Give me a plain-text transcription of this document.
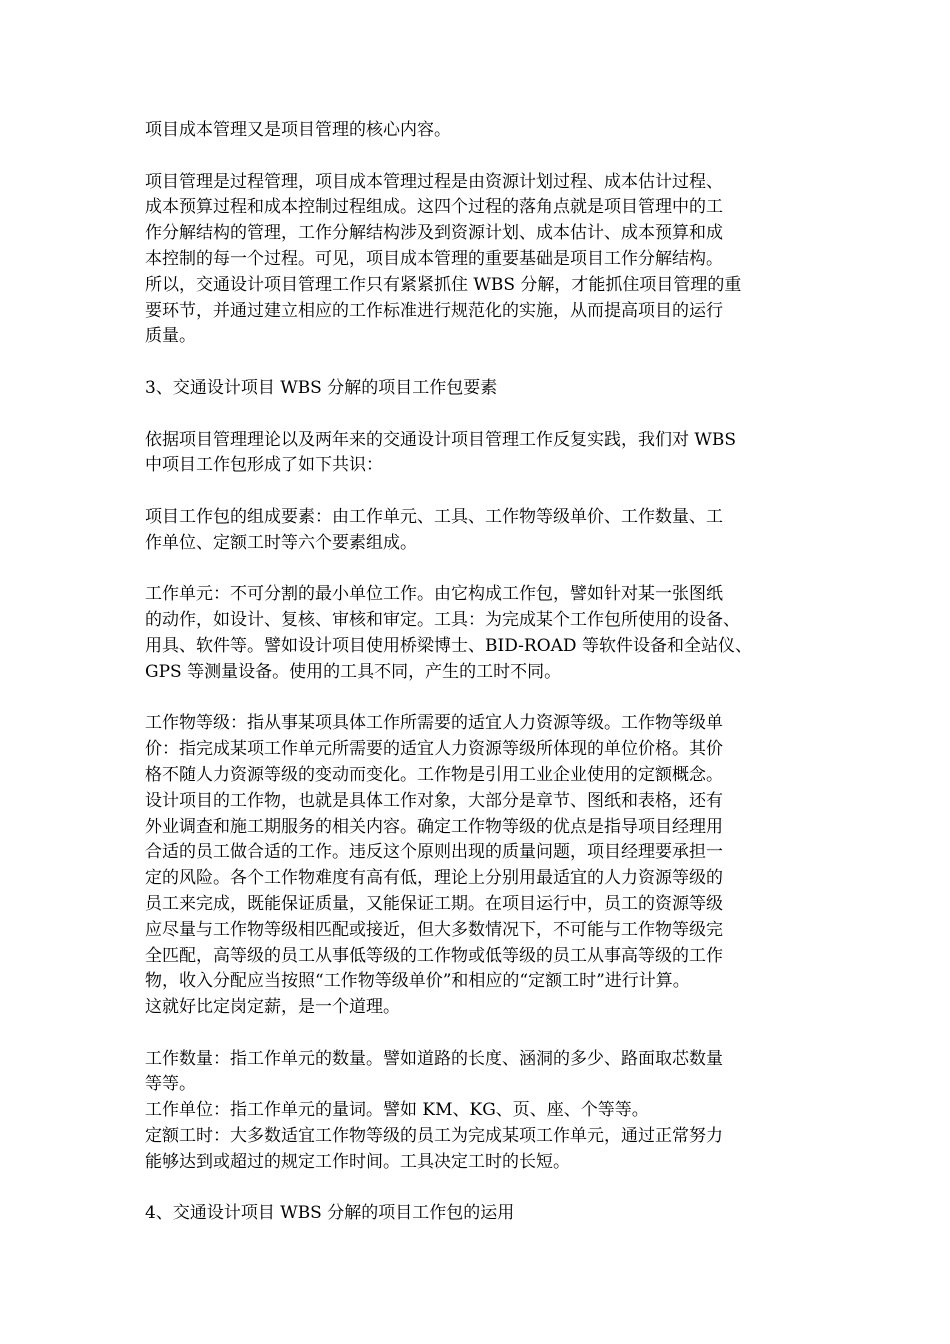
项目成本管理又是项目管理的核心内容。

项目管理是过程管理，项目成本管理过程是由资源计划过程、成本估计过程、
成本预算过程和成本控制过程组成。这四个过程的落角点就是项目管理中的工
作分解结构的管理，工作分解结构涉及到资源计划、成本估计、成本预算和成
本控制的每一个过程。可见，项目成本管理的重要基础是项目工作分解结构。
所以，交通设计项目管理工作只有紧紧抓住 WBS 分解，才能抓住项目管理的重
要环节，并通过建立相应的工作标准进行规范化的实施，从而提高项目的运行
质量。

3、交通设计项目 WBS 分解的项目工作包要素

依据项目管理理论以及两年来的交通设计项目管理工作反复实践，我们对 WBS
中项目工作包形成了如下共识：

项目工作包的组成要素：由工作单元、工具、工作物等级单价、工作数量、工
作单位、定额工时等六个要素组成。

工作单元：不可分割的最小单位工作。由它构成工作包，譬如针对某一张图纸
的动作，如设计、复核、审核和审定。工具：为完成某个工作包所使用的设备、
用具、软件等。譬如设计项目使用桥梁博士、BID-ROAD 等软件设备和全站仪、
GPS 等测量设备。使用的工具不同，产生的工时不同。

工作物等级：指从事某项具体工作所需要的适宜人力资源等级。工作物等级单
价：指完成某项工作单元所需要的适宜人力资源等级所体现的单位价格。其价
格不随人力资源等级的变动而变化。工作物是引用工业企业使用的定额概念。
设计项目的工作物，也就是具体工作对象，大部分是章节、图纸和表格，还有
外业调查和施工期服务的相关内容。确定工作物等级的优点是指导项目经理用
合适的员工做合适的工作。违反这个原则出现的质量问题，项目经理要承担一
定的风险。各个工作物难度有高有低，理论上分别用最适宜的人力资源等级的
员工来完成，既能保证质量，又能保证工期。在项目运行中，员工的资源等级
应尽量与工作物等级相匹配或接近，但大多数情况下，不可能与工作物等级完
全匹配，高等级的员工从事低等级的工作物或低等级的员工从事高等级的工作
物，收入分配应当按照“工作物等级单价”和相应的“定额工时”进行计算。
这就好比定岗定薪，是一个道理。

工作数量：指工作单元的数量。譬如道路的长度、涵洞的多少、路面取芯数量
等等。

工作单位：指工作单元的量词。譬如 KM、KG、页、座、个等等。

定额工时：大多数适宜工作物等级的员工为完成某项工作单元，通过正常努力
能够达到或超过的规定工作时间。工具决定工时的长短。

4、交通设计项目 WBS 分解的项目工作包的运用
